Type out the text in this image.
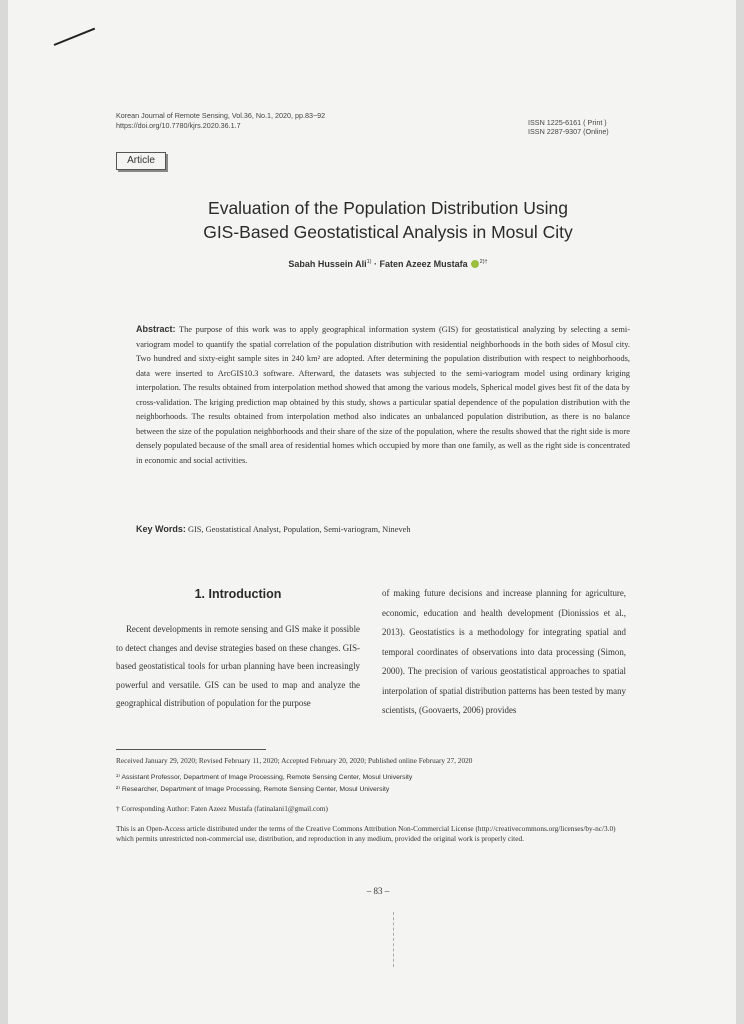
Korean Journal of Remote Sensing, Vol.36, No.1, 2020, pp.83~92
https://doi.org/10.7780/kjrs.2020.36.1.7	ISSN 1225-6161 ( Print )
ISSN 2287-9307 (Online)
Article
Evaluation of the Population Distribution Using
GIS-Based Geostatistical Analysis in Mosul City
Sabah Hussein Ali$^{1)}$ · Faten Azeez Mustafa $^{2)\dagger}$
Abstract: The purpose of this work was to apply geographical information system (GIS) for geostatistical analyzing by selecting a semi-variogram model to quantify the spatial correlation of the population distribution with residential neighborhoods in the both sides of Mosul city. Two hundred and sixty-eight sample sites in 240 km² are adopted. After determining the population distribution with respect to neighborhoods, data were inserted to ArcGIS10.3 software. Afterward, the datasets was subjected to the semi-variogram model using ordinary kriging interpolation. The results obtained from interpolation method showed that among the various models, Spherical model gives best fit of the data by cross-validation. The kriging prediction map obtained by this study, shows a particular spatial dependence of the population distribution with the neighborhoods. The results obtained from interpolation method also indicates an unbalanced population distribution, as there is no balance between the size of the population neighborhoods and their share of the size of the population, where the results showed that the right side is more densely populated because of the small area of residential homes which occupied by more than one family, as well as the right side is concentrated in economic and social activities.
Key Words: GIS, Geostatistical Analyst, Population, Semi-variogram, Nineveh
1. Introduction
Recent developments in remote sensing and GIS make it possible to detect changes and devise strategies based on these changes. GIS-based geostatistical tools for urban planning have been increasingly powerful and versatile. GIS can be used to map and analyze the geographical distribution of population for the purpose
of making future decisions and increase planning for agriculture, economic, education and health development (Dionissios et al., 2013). Geostatistics is a methodology for integrating spatial and temporal coordinates of observations into data processing (Simon, 2000). The precision of various geostatistical approaches to spatial interpolation of spatial distribution patterns has been tested by many scientists, (Goovaerts, 2006) provides
Received January 29, 2020; Revised February 11, 2020; Accepted February 20, 2020; Published online February 27, 2020
¹⁾ Assistant Professor, Department of Image Processing, Remote Sensing Center, Mosul University
²⁾ Researcher, Department of Image Processing, Remote Sensing Center, Mosul University
† Corresponding Author: Faten Azeez Mustafa (fatinalani1@gmail.com)
This is an Open-Access article distributed under the terms of the Creative Commons Attribution Non-Commercial License (http://creativecommons.org/licenses/by-nc/3.0) which permits unrestricted non-commercial use, distribution, and reproduction in any medium, provided the original work is properly cited.
– 83 –
